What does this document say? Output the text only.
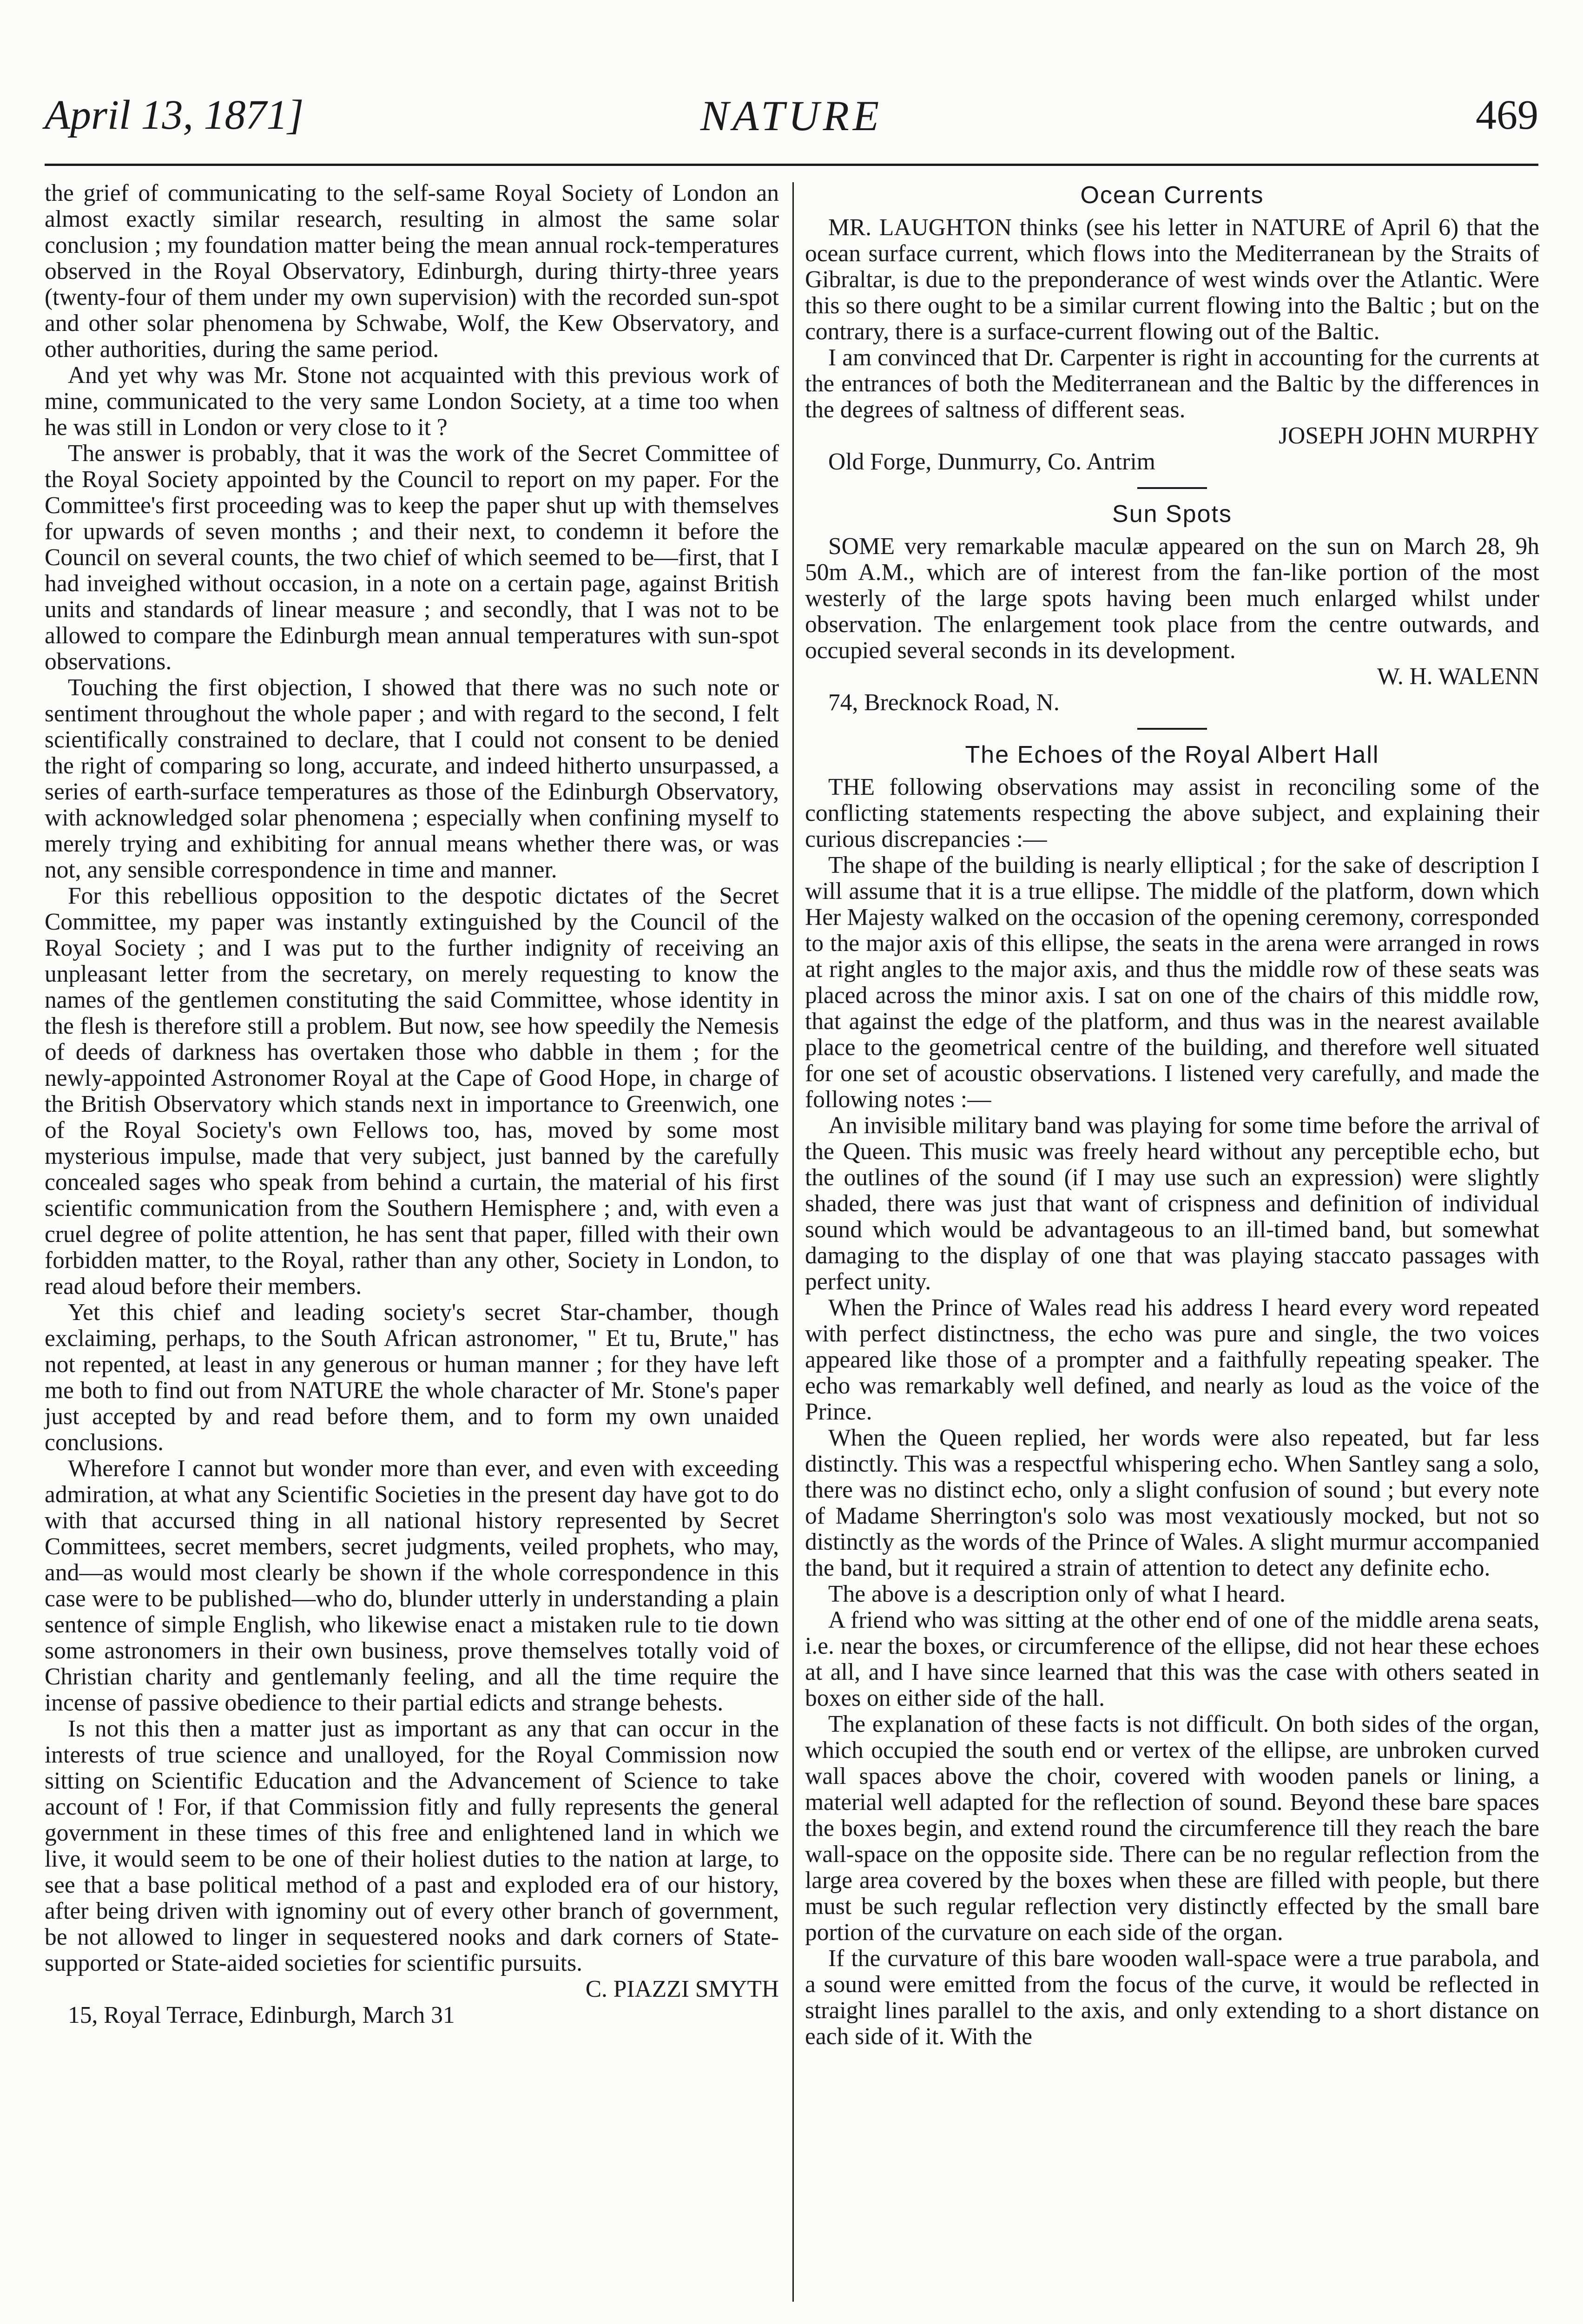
April 13, 1871]	NATURE	469

the grief of communicating to the self-same Royal Society of London an almost exactly similar research, resulting in almost the same solar conclusion ; my foundation matter being the mean annual rock-temperatures observed in the Royal Observatory, Edinburgh, during thirty-three years (twenty-four of them under my own supervision) with the recorded sun-spot and other solar phenomena by Schwabe, Wolf, the Kew Observatory, and other authorities, during the same period.

And yet why was Mr. Stone not acquainted with this previous work of mine, communicated to the very same London Society, at a time too when he was still in London or very close to it ?

The answer is probably, that it was the work of the Secret Committee of the Royal Society appointed by the Council to report on my paper. For the Committee's first proceeding was to keep the paper shut up with themselves for upwards of seven months ; and their next, to condemn it before the Council on several counts, the two chief of which seemed to be—first, that I had inveighed without occasion, in a note on a certain page, against British units and standards of linear measure ; and secondly, that I was not to be allowed to compare the Edinburgh mean annual temperatures with sun-spot observations.

Touching the first objection, I showed that there was no such note or sentiment throughout the whole paper ; and with regard to the second, I felt scientifically constrained to declare, that I could not consent to be denied the right of comparing so long, accurate, and indeed hitherto unsurpassed, a series of earth-surface temperatures as those of the Edinburgh Observatory, with acknowledged solar phenomena ; especially when confining myself to merely trying and exhibiting for annual means whether there was, or was not, any sensible correspondence in time and manner.

For this rebellious opposition to the despotic dictates of the Secret Committee, my paper was instantly extinguished by the Council of the Royal Society ; and I was put to the further indignity of receiving an unpleasant letter from the secretary, on merely requesting to know the names of the gentlemen constituting the said Committee, whose identity in the flesh is therefore still a problem. But now, see how speedily the Nemesis of deeds of darkness has overtaken those who dabble in them ; for the newly-appointed Astronomer Royal at the Cape of Good Hope, in charge of the British Observatory which stands next in importance to Greenwich, one of the Royal Society's own Fellows too, has, moved by some most mysterious impulse, made that very subject, just banned by the carefully concealed sages who speak from behind a curtain, the material of his first scientific communication from the Southern Hemisphere ; and, with even a cruel degree of polite attention, he has sent that paper, filled with their own forbidden matter, to the Royal, rather than any other, Society in London, to read aloud before their members.

Yet this chief and leading society's secret Star-chamber, though exclaiming, perhaps, to the South African astronomer, " Et tu, Brute," has not repented, at least in any generous or human manner ; for they have left me both to find out from NATURE the whole character of Mr. Stone's paper just accepted by and read before them, and to form my own unaided conclusions.

Wherefore I cannot but wonder more than ever, and even with exceeding admiration, at what any Scientific Societies in the present day have got to do with that accursed thing in all national history represented by Secret Committees, secret members, secret judgments, veiled prophets, who may, and—as would most clearly be shown if the whole correspondence in this case were to be published—who do, blunder utterly in understanding a plain sentence of simple English, who likewise enact a mistaken rule to tie down some astronomers in their own business, prove themselves totally void of Christian charity and gentlemanly feeling, and all the time require the incense of passive obedience to their partial edicts and strange behests.

Is not this then a matter just as important as any that can occur in the interests of true science and unalloyed, for the Royal Commission now sitting on Scientific Education and the Advancement of Science to take account of ! For, if that Commission fitly and fully represents the general government in these times of this free and enlightened land in which we live, it would seem to be one of their holiest duties to the nation at large, to see that a base political method of a past and exploded era of our history, after being driven with ignominy out of every other branch of government, be not allowed to linger in sequestered nooks and dark corners of State-supported or State-aided societies for scientific pursuits.

C. PIAZZI SMYTH

15, Royal Terrace, Edinburgh, March 31

Ocean Currents

MR. LAUGHTON thinks (see his letter in NATURE of April 6) that the ocean surface current, which flows into the Mediterranean by the Straits of Gibraltar, is due to the preponderance of west winds over the Atlantic. Were this so there ought to be a similar current flowing into the Baltic ; but on the contrary, there is a surface-current flowing out of the Baltic.

I am convinced that Dr. Carpenter is right in accounting for the currents at the entrances of both the Mediterranean and the Baltic by the differences in the degrees of saltness of different seas.

JOSEPH JOHN MURPHY

Old Forge, Dunmurry, Co. Antrim

Sun Spots

SOME very remarkable maculæ appeared on the sun on March 28, 9h 50m A.M., which are of interest from the fan-like portion of the most westerly of the large spots having been much enlarged whilst under observation. The enlargement took place from the centre outwards, and occupied several seconds in its development.

W. H. WALENN

74, Brecknock Road, N.

The Echoes of the Royal Albert Hall

THE following observations may assist in reconciling some of the conflicting statements respecting the above subject, and explaining their curious discrepancies :—

The shape of the building is nearly elliptical ; for the sake of description I will assume that it is a true ellipse. The middle of the platform, down which Her Majesty walked on the occasion of the opening ceremony, corresponded to the major axis of this ellipse, the seats in the arena were arranged in rows at right angles to the major axis, and thus the middle row of these seats was placed across the minor axis. I sat on one of the chairs of this middle row, that against the edge of the platform, and thus was in the nearest available place to the geometrical centre of the building, and therefore well situated for one set of acoustic observations. I listened very carefully, and made the following notes :—

An invisible military band was playing for some time before the arrival of the Queen. This music was freely heard without any perceptible echo, but the outlines of the sound (if I may use such an expression) were slightly shaded, there was just that want of crispness and definition of individual sound which would be advantageous to an ill-timed band, but somewhat damaging to the display of one that was playing staccato passages with perfect unity.

When the Prince of Wales read his address I heard every word repeated with perfect distinctness, the echo was pure and single, the two voices appeared like those of a prompter and a faithfully repeating speaker. The echo was remarkably well defined, and nearly as loud as the voice of the Prince.

When the Queen replied, her words were also repeated, but far less distinctly. This was a respectful whispering echo. When Santley sang a solo, there was no distinct echo, only a slight confusion of sound ; but every note of Madame Sherrington's solo was most vexatiously mocked, but not so distinctly as the words of the Prince of Wales. A slight murmur accompanied the band, but it required a strain of attention to detect any definite echo.

The above is a description only of what I heard.

A friend who was sitting at the other end of one of the middle arena seats, i.e. near the boxes, or circumference of the ellipse, did not hear these echoes at all, and I have since learned that this was the case with others seated in boxes on either side of the hall.

The explanation of these facts is not difficult. On both sides of the organ, which occupied the south end or vertex of the ellipse, are unbroken curved wall spaces above the choir, covered with wooden panels or lining, a material well adapted for the reflection of sound. Beyond these bare spaces the boxes begin, and extend round the circumference till they reach the bare wall-space on the opposite side. There can be no regular reflection from the large area covered by the boxes when these are filled with people, but there must be such regular reflection very distinctly effected by the small bare portion of the curvature on each side of the organ.

If the curvature of this bare wooden wall-space were a true parabola, and a sound were emitted from the focus of the curve, it would be reflected in straight lines parallel to the axis, and only extending to a short distance on each side of it. With the
